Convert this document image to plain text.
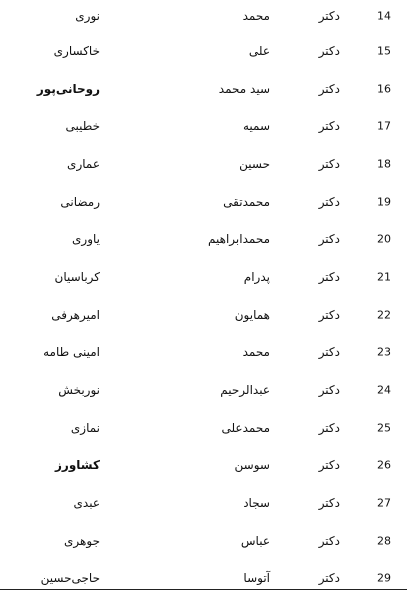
14
دکتر
محمد
نوری
15
دکتر
علی
خاکساری
16
دکتر
سید محمد
روحانی‌پور
17
دکتر
سمیه
خطیبی
18
دکتر
حسین
عماری
19
دکتر
محمدتقی
رمضانی
20
دکتر
محمدابراهیم
یاوری
21
دکتر
پدرام
کرباسیان
22
دکتر
همایون
امیرهرفی
23
دکتر
محمد
امینی طامه
24
دکتر
عبدالرحیم
نوربخش
25
دکتر
محمدعلی
نمازی
26
دکتر
سوسن
کشاورز
27
دکتر
سجاد
عبدی
28
دکتر
عباس
جوهری
29
دکتر
آتوسا
حاجی‌حسین
